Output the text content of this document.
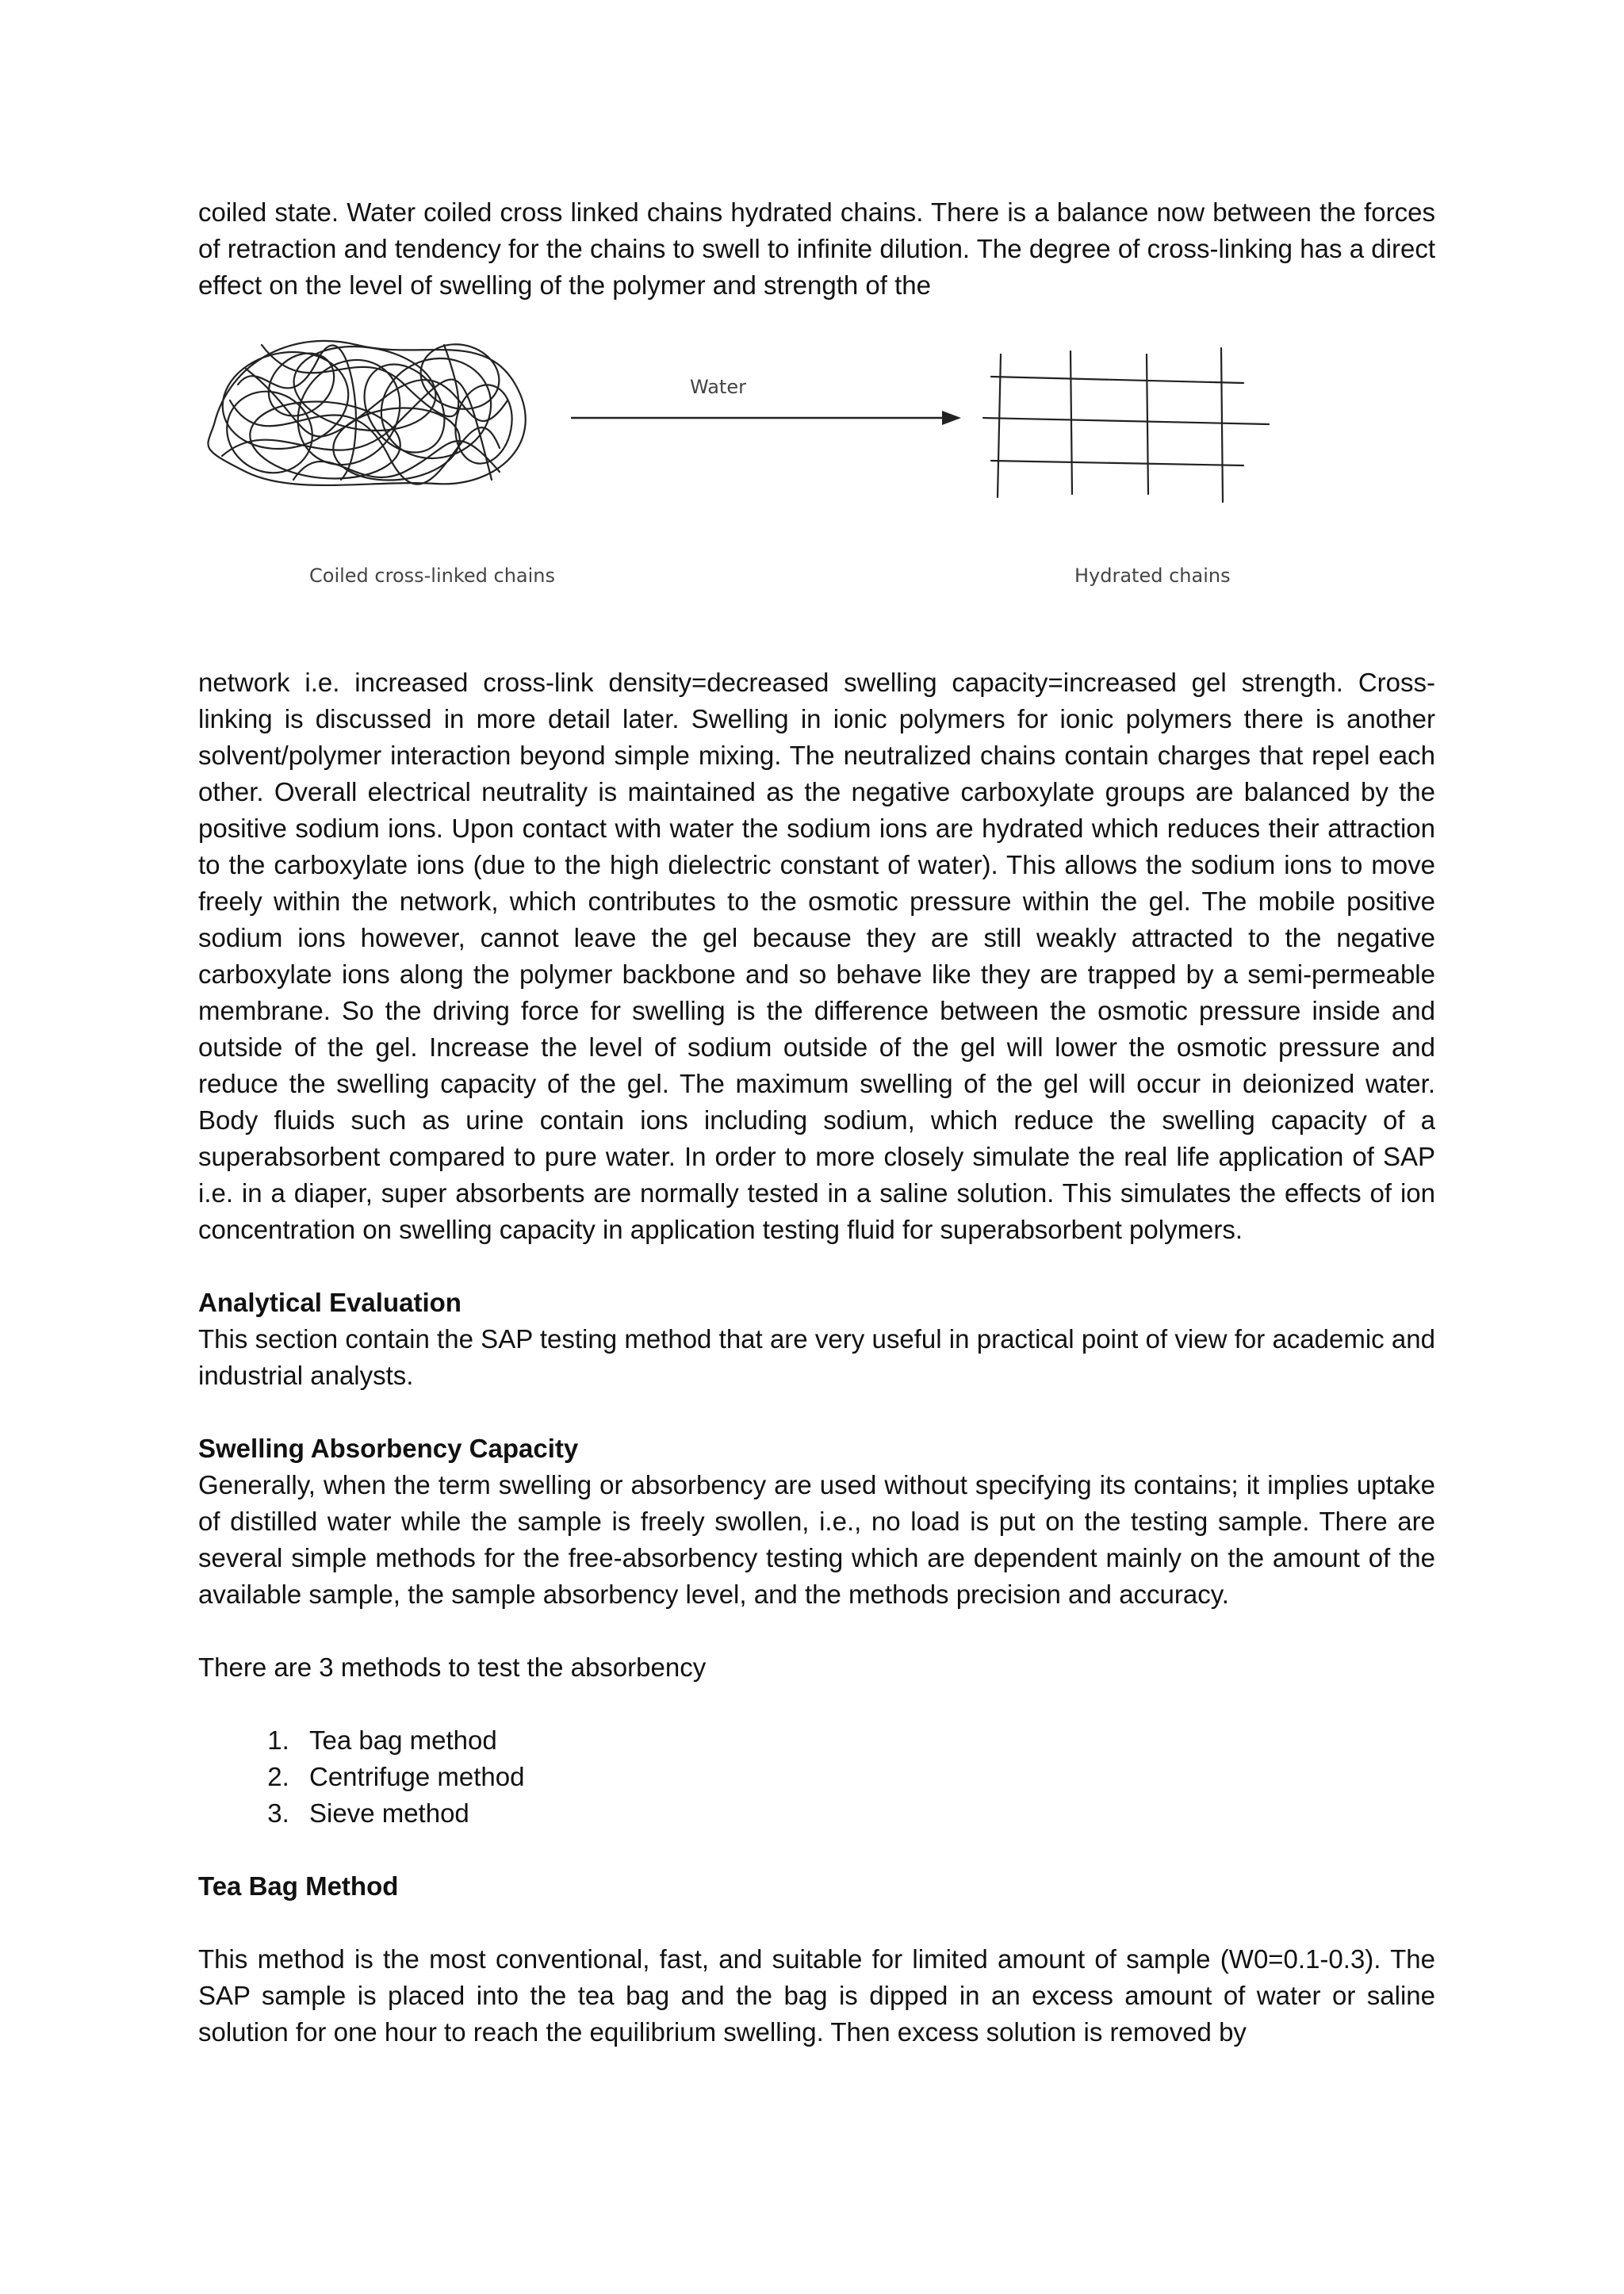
coiled state. Water coiled cross linked chains hydrated chains. There is a balance now between the forces of retraction and tendency for the chains to swell to infinite dilution. The degree of cross-linking has a direct effect on the level of swelling of the polymer and strength of the

Water
Coiled cross-linked chains	Hydrated chains

network i.e. increased cross-link density=decreased swelling capacity=increased gel strength. Cross-linking is discussed in more detail later. Swelling in ionic polymers for ionic polymers there is another solvent/polymer interaction beyond simple mixing. The neutralized chains contain charges that repel each other. Overall electrical neutrality is maintained as the negative carboxylate groups are balanced by the positive sodium ions. Upon contact with water the sodium ions are hydrated which reduces their attraction to the carboxylate ions (due to the high dielectric constant of water). This allows the sodium ions to move freely within the network, which contributes to the osmotic pressure within the gel. The mobile positive sodium ions however, cannot leave the gel because they are still weakly attracted to the negative carboxylate ions along the polymer backbone and so behave like they are trapped by a semi-permeable membrane. So the driving force for swelling is the difference between the osmotic pressure inside and outside of the gel. Increase the level of sodium outside of the gel will lower the osmotic pressure and reduce the swelling capacity of the gel. The maximum swelling of the gel will occur in deionized water. Body fluids such as urine contain ions including sodium, which reduce the swelling capacity of a superabsorbent compared to pure water. In order to more closely simulate the real life application of SAP i.e. in a diaper, super absorbents are normally tested in a saline solution. This simulates the effects of ion concentration on swelling capacity in application testing fluid for superabsorbent polymers.

Analytical Evaluation

This section contain the SAP testing method that are very useful in practical point of view for academic and industrial analysts.

Swelling Absorbency Capacity

Generally, when the term swelling or absorbency are used without specifying its contains; it implies uptake of distilled water while the sample is freely swollen, i.e., no load is put on the testing sample. There are several simple methods for the free-absorbency testing which are dependent mainly on the amount of the available sample, the sample absorbency level, and the methods precision and accuracy.

There are 3 methods to test the absorbency

1. Tea bag method
2. Centrifuge method
3. Sieve method
Tea Bag Method

This method is the most conventional, fast, and suitable for limited amount of sample (W0=0.1-0.3). The SAP sample is placed into the tea bag and the bag is dipped in an excess amount of water or saline solution for one hour to reach the equilibrium swelling. Then excess solution is removed by
